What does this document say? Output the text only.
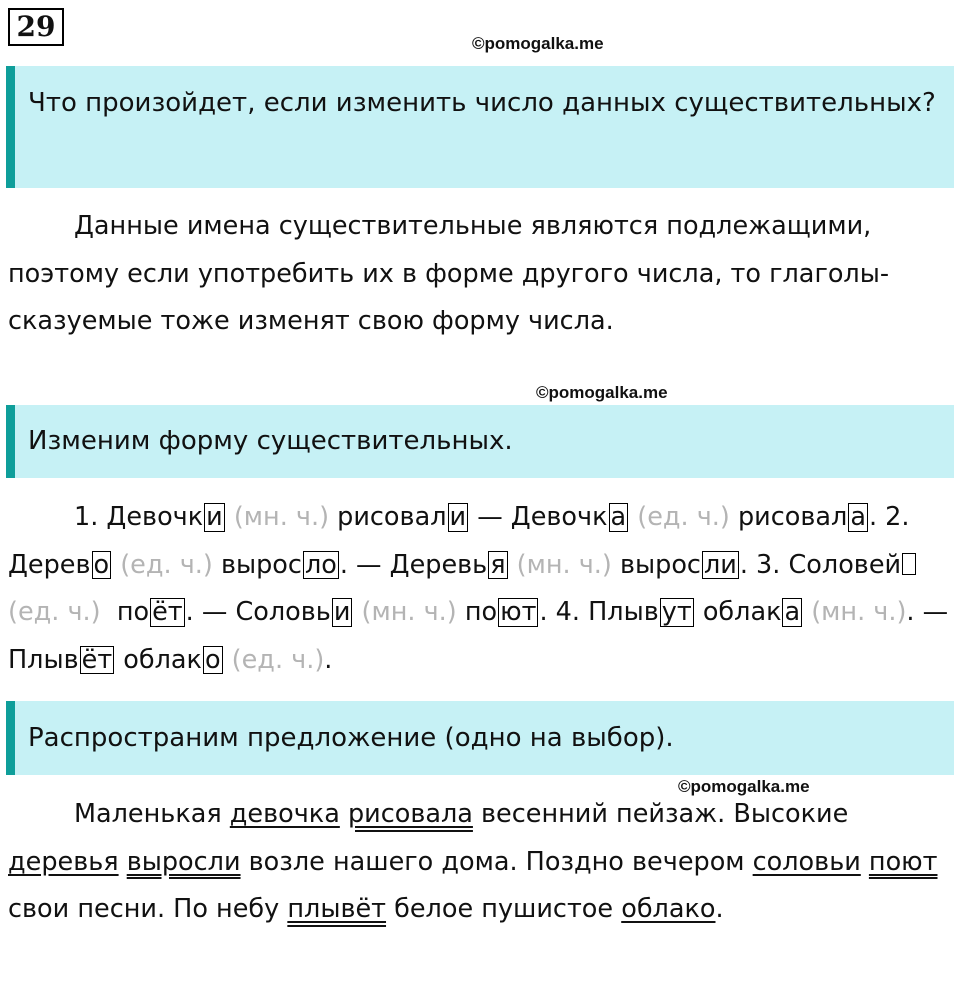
29
©pomogalka.me
Что произойдет, если изменить число данных существительных?
Данные имена существительные являются подлежащими, поэтому если употребить их в форме другого числа, то глаголы-сказуемые тоже изменят свою форму числа.
©pomogalka.me
Изменим форму существительных.
1. Девочк и (мн. ч.) рисовал и — Девочк а (ед. ч.) рисовал а . 2. Дерев о (ед. ч.) вырос ло . — Деревь я (мн. ч.) вырос ли . 3. Соловей (ед. ч.) по ёт . — Соловь и (мн. ч.) по ют . 4. Плыв ут облак а (мн. ч.). — Плыв ёт облак о (ед. ч.).
Распространим предложение (одно на выбор).
©pomogalka.me
Маленькая девочка рисовала весенний пейзаж. Высокие деревья выросли возле нашего дома. Поздно вечером соловьи поют свои песни. По небу плывёт белое пушистое облако.
